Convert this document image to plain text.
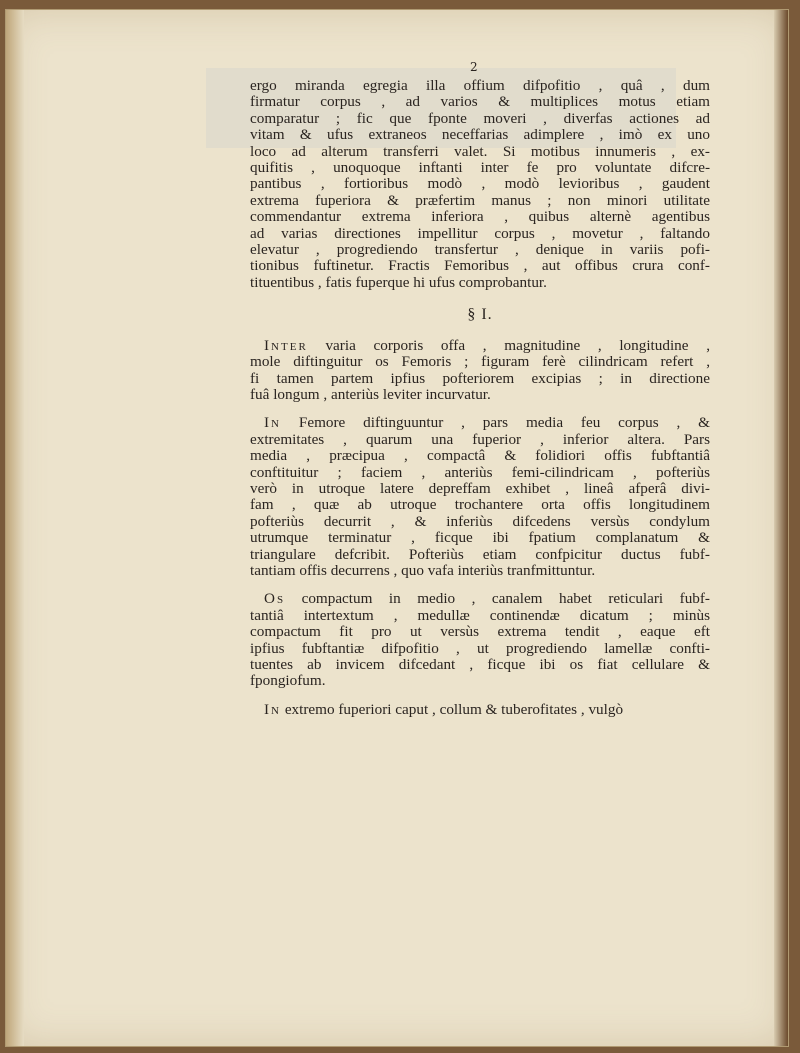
2

ergo miranda egregia illa offium difpofitio , quâ , dum
firmatur corpus , ad varios & multiplices motus etiam
comparatur ; fic que fponte moveri , diverfas actiones ad
vitam & ufus extraneos neceffarias adimplere , imò ex uno
loco ad alterum transferri valet. Si motibus innumeris , ex-
quifitis , unoquoque inftanti inter fe pro voluntate difcre-
pantibus , fortioribus modò , modò levioribus , gaudent
extrema fuperiora & præfertim manus ; non minori utilitate
commendantur extrema inferiora , quibus alternè agentibus
ad varias directiones impellitur corpus , movetur , faltando
elevatur , progrediendo transfertur , denique in variis pofi-
tionibus fuftinetur. Fractis Femoribus , aut offibus crura conf-
tituentibus , fatis fuperque hi ufus comprobantur.

§ I.

Inter varia corporis offa , magnitudine , longitudine ,
mole diftinguitur os Femoris ; figuram ferè cilindricam refert ,
fi tamen partem ipfius pofteriorem excipias ; in directione
fuâ longum , anteriùs leviter incurvatur.

In Femore diftinguuntur , pars media feu corpus , &
extremitates , quarum una fuperior , inferior altera. Pars
media , præcipua , compactâ & folidiori offis fubftantiâ
conftituitur ; faciem , anteriùs femi-cilindricam , pofteriùs
verò in utroque latere depreffam exhibet , lineâ afperâ divi-
fam , quæ ab utroque trochantere orta offis longitudinem
pofteriùs decurrit , & inferiùs difcedens versùs condylum
utrumque terminatur , ficque ibi fpatium complanatum &
triangulare defcribit. Pofteriùs etiam confpicitur ductus fubf-
tantiam offis decurrens , quo vafa interiùs tranfmittuntur.

Os compactum in medio , canalem habet reticulari fubf-
tantiâ intertextum , medullæ continendæ dicatum ; minùs
compactum fit pro ut versùs extrema tendit , eaque eft
ipfius fubftantiæ difpofitio , ut progrediendo lamellæ confti-
tuentes ab invicem difcedant , ficque ibi os fiat cellulare &
fpongiofum.

In extremo fuperiori caput , collum & tuberofitates , vulgò
